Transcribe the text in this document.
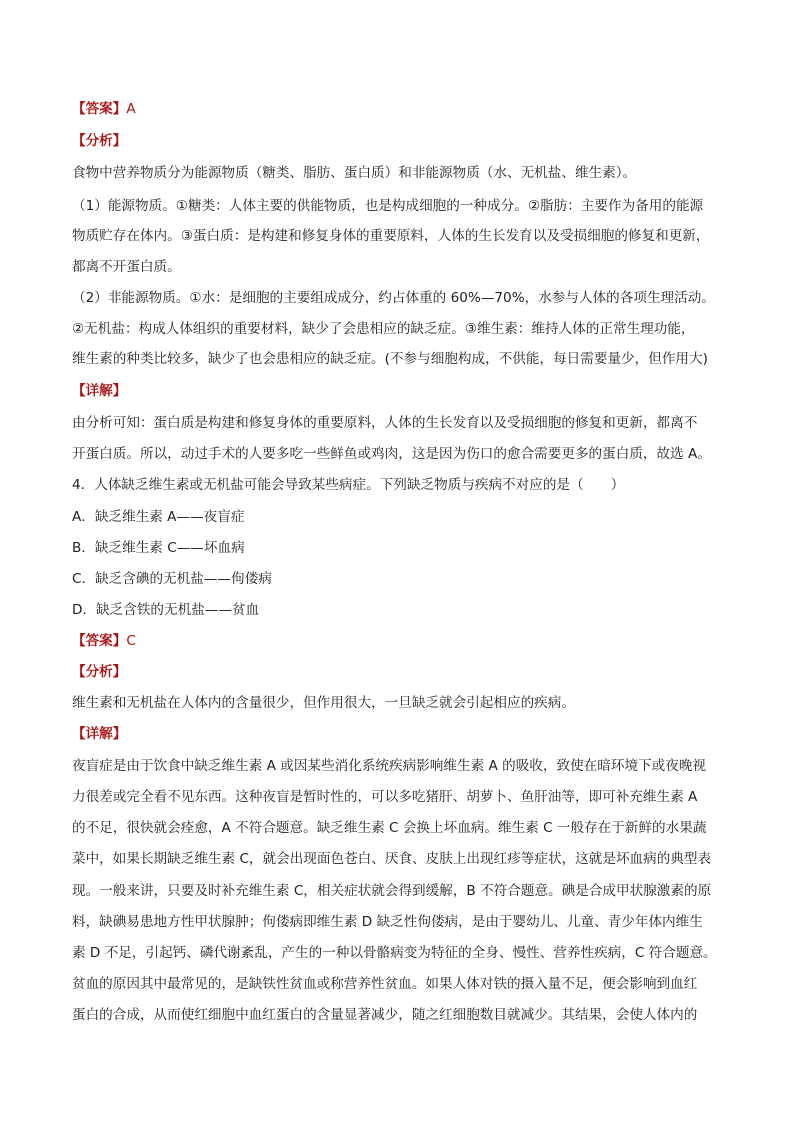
【答案】A
【分析】
食物中营养物质分为能源物质（糖类、脂肪、蛋白质）和非能源物质（水、无机盐、维生素）。
（1）能源物质。①糖类：人体主要的供能物质，也是构成细胞的一种成分。②脂肪：主要作为备用的能源
物质贮存在体内。③蛋白质：是构建和修复身体的重要原料，人体的生长发育以及受损细胞的修复和更新，
都离不开蛋白质。
（2）非能源物质。①水：是细胞的主要组成成分，约占体重的 60%—70%，水参与人体的各项生理活动。
②无机盐：构成人体组织的重要材料，缺少了会患相应的缺乏症。③维生素：维持人体的正常生理功能，
维生素的种类比较多，缺少了也会患相应的缺乏症。(不参与细胞构成，不供能，每日需要量少，但作用大)
【详解】
由分析可知：蛋白质是构建和修复身体的重要原料，人体的生长发育以及受损细胞的修复和更新，都离不
开蛋白质。所以，动过手术的人要多吃一些鲜鱼或鸡肉，这是因为伤口的愈合需要更多的蛋白质，故选 A。
4．人体缺乏维生素或无机盐可能会导致某些病症。下列缺乏物质与疾病不对应的是（　　）
A．缺乏维生素 A——夜盲症
B．缺乏维生素 C——坏血病
C．缺乏含碘的无机盐——佝偻病
D．缺乏含铁的无机盐——贫血
【答案】C
【分析】
维生素和无机盐在人体内的含量很少，但作用很大，一旦缺乏就会引起相应的疾病。
【详解】
夜盲症是由于饮食中缺乏维生素 A 或因某些消化系统疾病影响维生素 A 的吸收，致使在暗环境下或夜晚视
力很差或完全看不见东西。这种夜盲是暂时性的，可以多吃猪肝、胡萝卜、鱼肝油等，即可补充维生素 A
的不足，很快就会痊愈，A 不符合题意。缺乏维生素 C 会换上坏血病。维生素 C 一般存在于新鲜的水果蔬
菜中，如果长期缺乏维生素 C，就会出现面色苍白、厌食、皮肤上出现红疹等症状，这就是坏血病的典型表
现。一般来讲，只要及时补充维生素 C，相关症状就会得到缓解，B 不符合题意。碘是合成甲状腺激素的原
料，缺碘易患地方性甲状腺肿；佝偻病即维生素 D 缺乏性佝偻病，是由于婴幼儿、儿童、青少年体内维生
素 D 不足，引起钙、磷代谢紊乱，产生的一种以骨骼病变为特征的全身、慢性、营养性疾病，C 符合题意。
贫血的原因其中最常见的，是缺铁性贫血或称营养性贫血。如果人体对铁的摄入量不足，便会影响到血红
蛋白的合成，从而使红细胞中血红蛋白的含量显著减少，随之红细胞数目就减少。其结果，会使人体内的
